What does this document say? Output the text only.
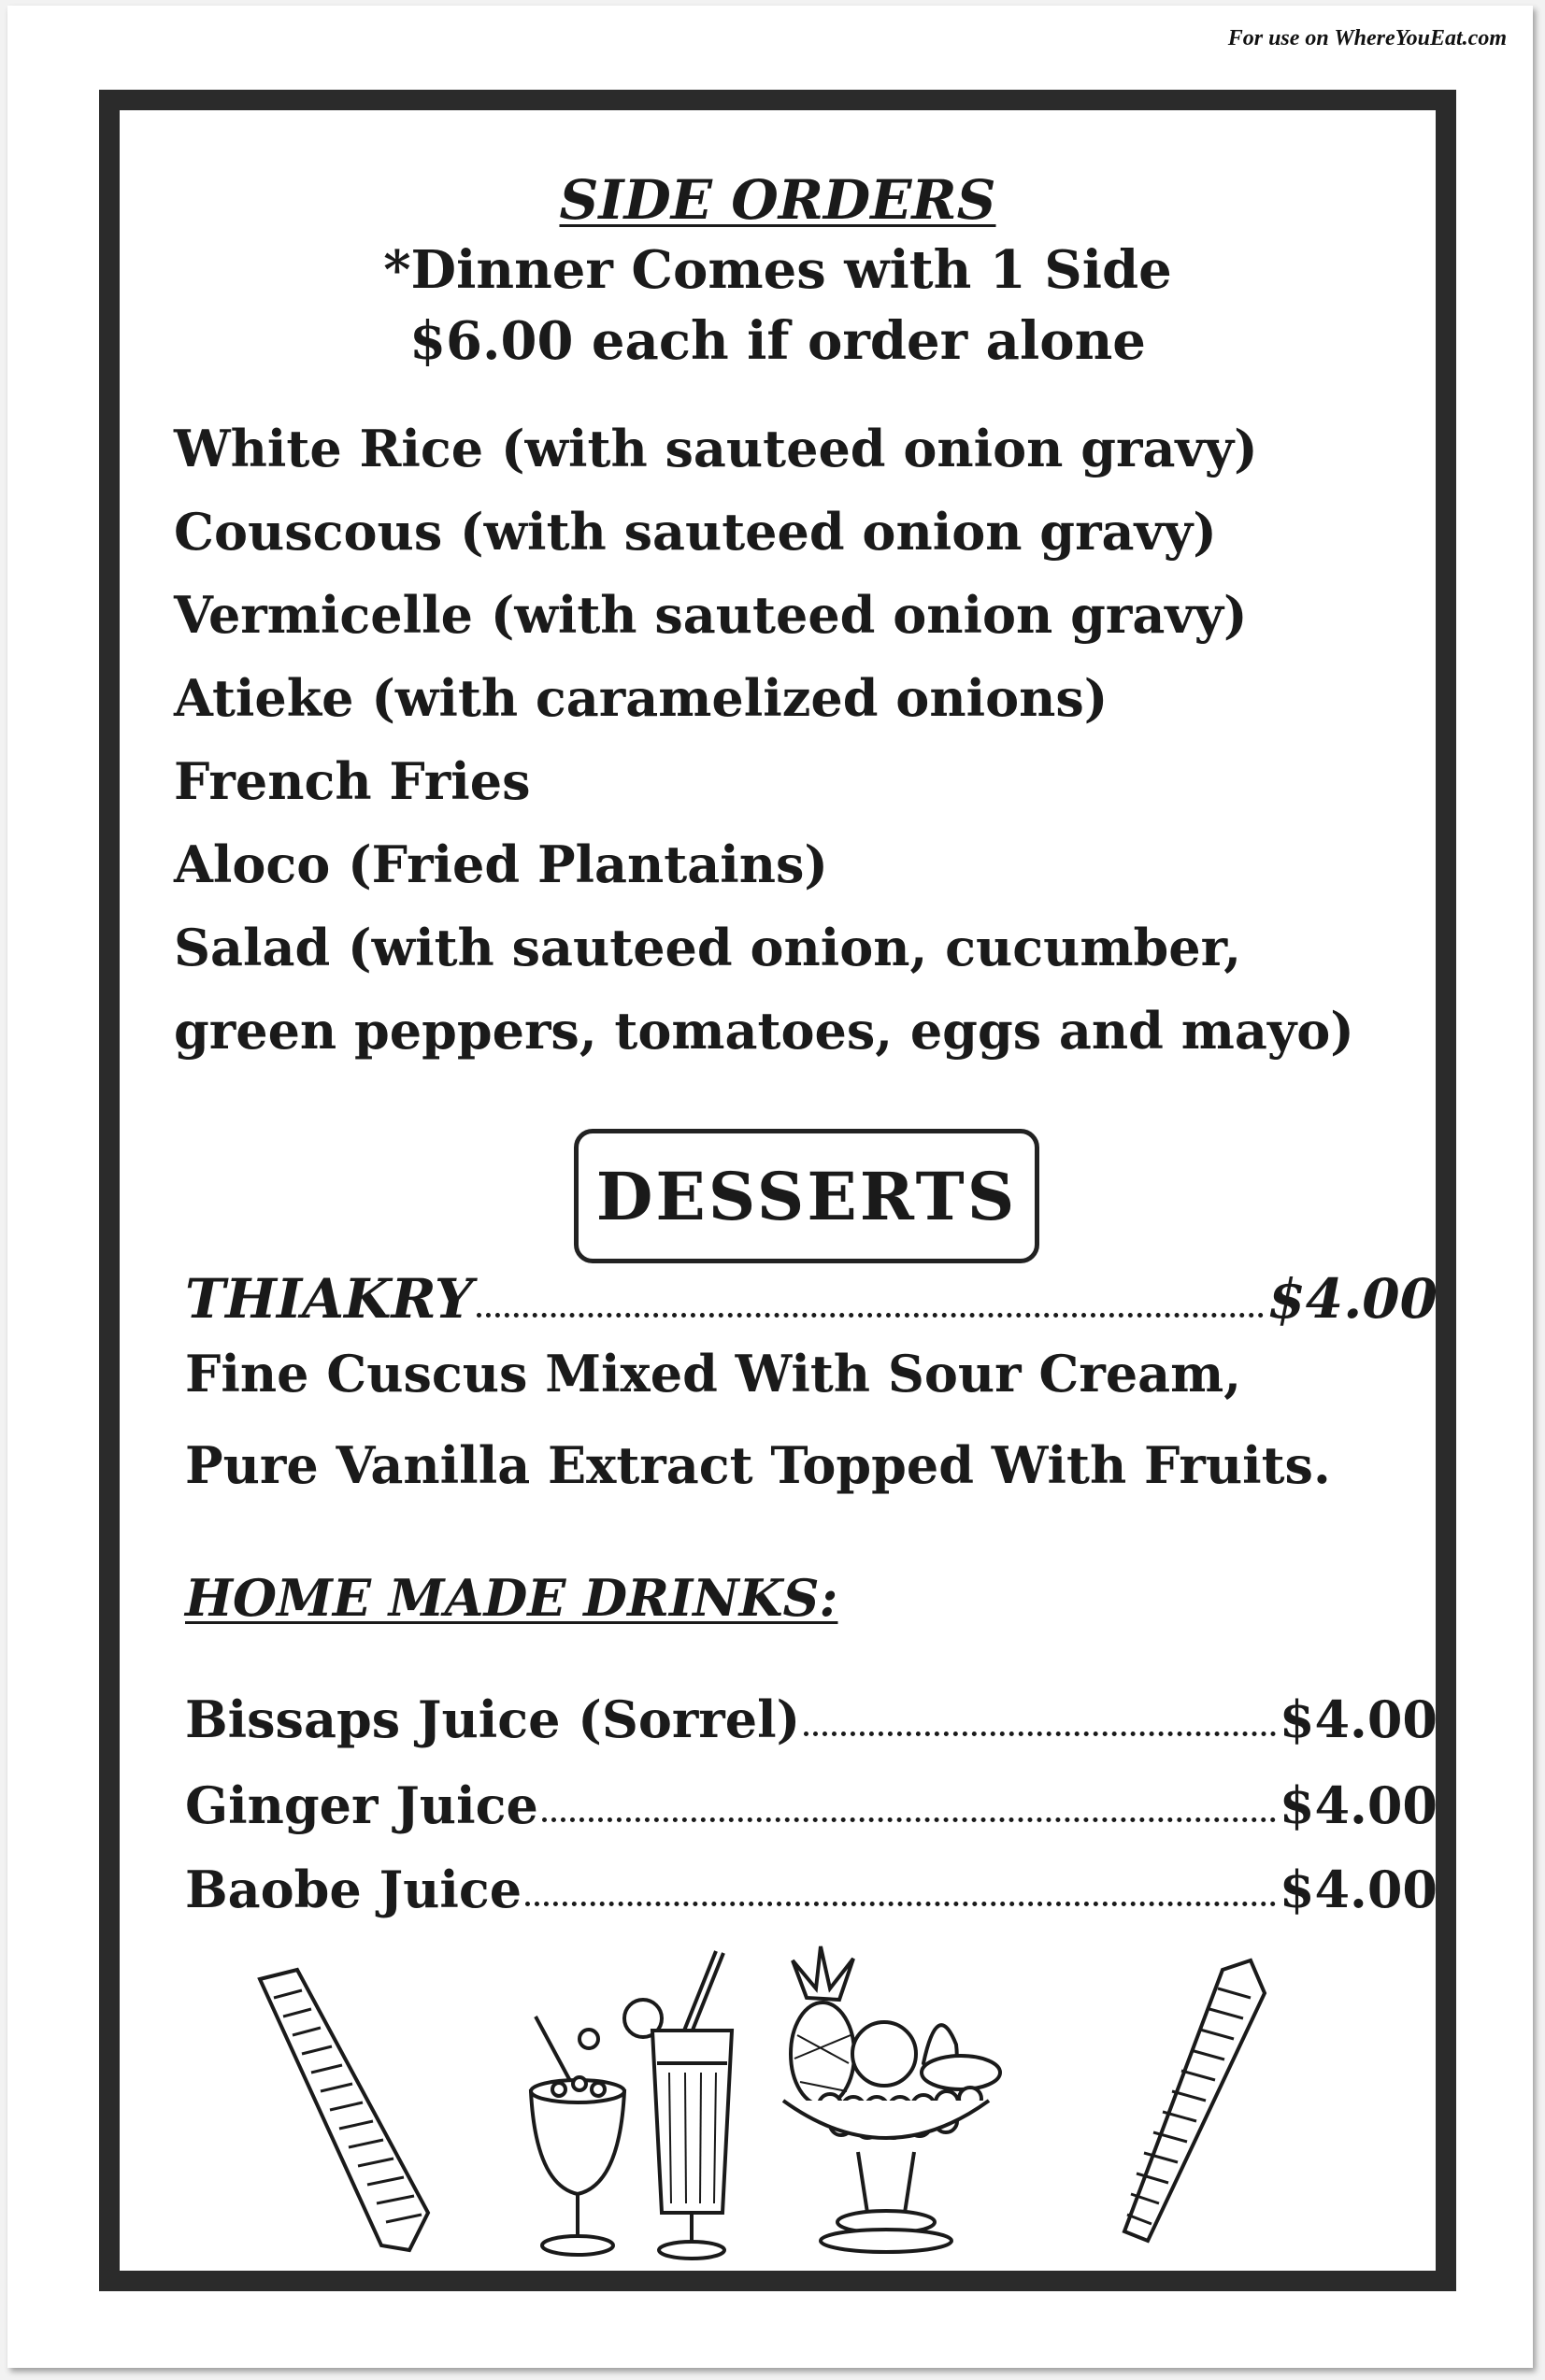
For use on WhereYouEat.com
SIDE ORDERS
*Dinner Comes with 1 Side
$6.00 each if order alone
White Rice (with sauteed onion gravy)
Couscous (with sauteed onion gravy)
Vermicelle (with sauteed onion gravy)
Atieke (with caramelized onions)
French Fries
Aloco (Fried Plantains)
Salad (with sauteed onion, cucumber,
green peppers, tomatoes, eggs and mayo)
DESSERTS
THIAKRY	$4.00
Fine Cuscus Mixed With Sour Cream,
Pure Vanilla Extract Topped With Fruits.
HOME MADE DRINKS:
Bissaps Juice (Sorrel)	$4.00
Ginger Juice	$4.00
Baobe Juice	$4.00
